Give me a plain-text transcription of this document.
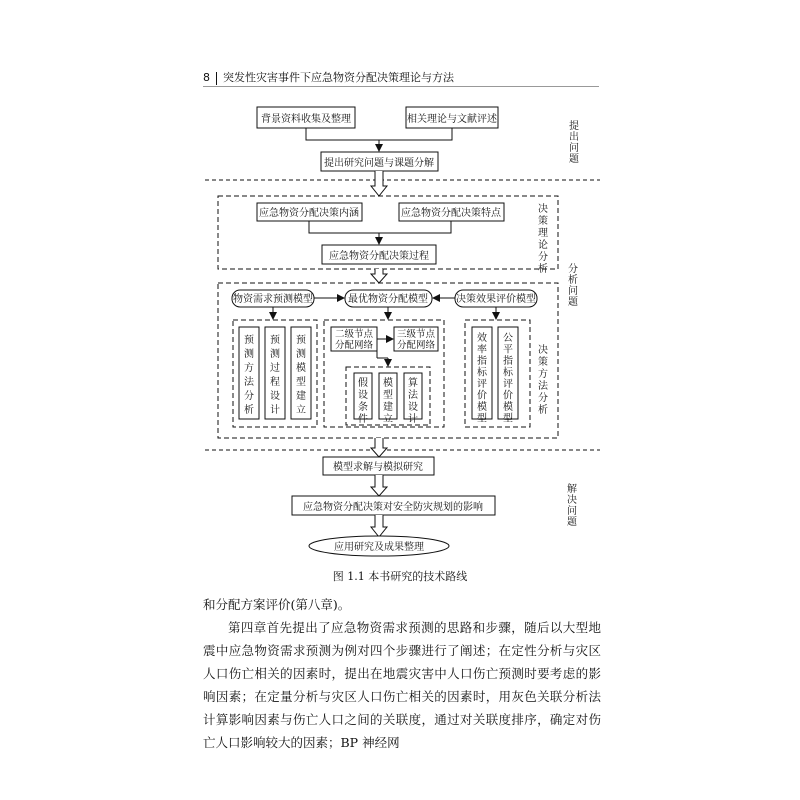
8 突发性灾害事件下应急物资分配决策理论与方法
背景资料收集及整理	相关理论与文献评述
提出研究问题与课题分解
应急物资分配决策内涵	应急物资分配决策特点
应急物资分配决策过程
物资需求预测模型	最优物资分配模型	决策效果评价模型
模型求解与模拟研究
应急物资分配决策对安全防灾规划的影响
应用研究及成果整理
提出问题
决策理论分析 分析问题
决策方法分析
解决问题
预测方法分析
预测过程设计
预测模型建立
二级节点
分配网络
三级节点
分配网络
假设条件
模型建立
算法设计
效率指标评价模型
公平指标评价模型
图 1.1 本书研究的技术路线

和分配方案评价(第八章)。

第四章首先提出了应急物资需求预测的思路和步骤，随后以大型地震中应急物资需求预测为例对四个步骤进行了阐述；在定性分析与灾区人口伤亡相关的因素时，提出在地震灾害中人口伤亡预测时要考虑的影响因素；在定量分析与灾区人口伤亡相关的因素时，用灰色关联分析法计算影响因素与伤亡人口之间的关联度，通过对关联度排序，确定对伤亡人口影响较大的因素；BP 神经网
